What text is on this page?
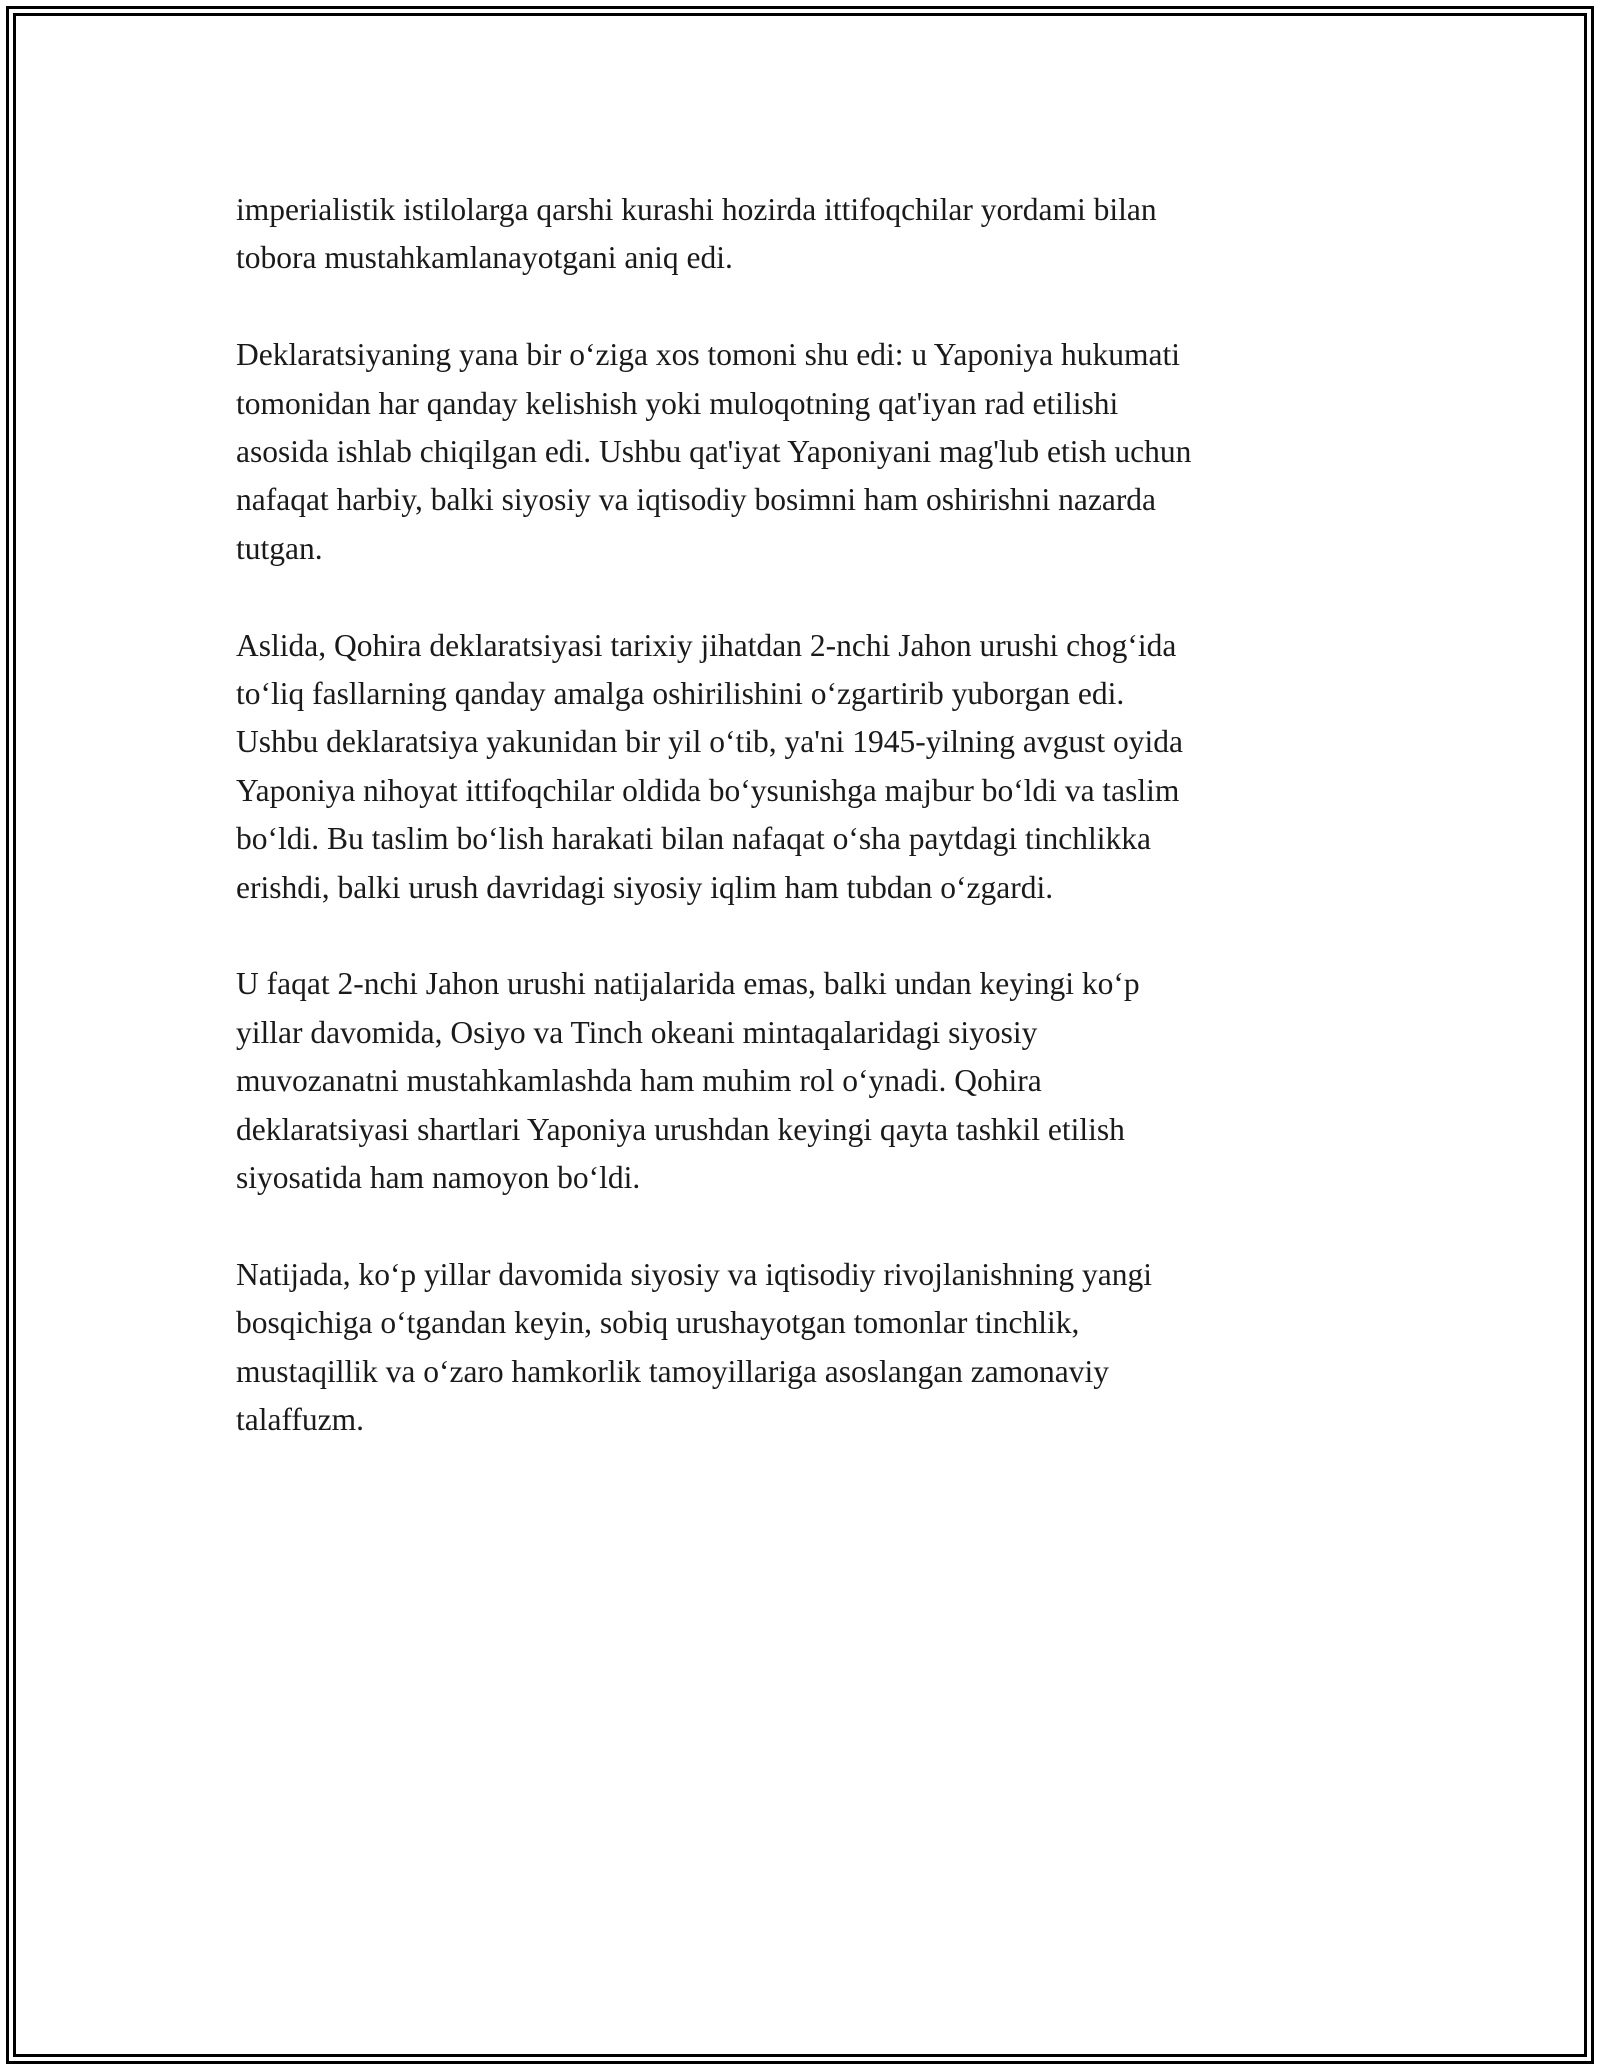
imperialistik istilolarga qarshi kurashi hozirda ittifoqchilar yordami bilan
tobora mustahkamlanayotgani aniq edi.

Deklaratsiyaning yana bir o‘ziga xos tomoni shu edi: u Yaponiya hukumati
tomonidan har qanday kelishish yoki muloqotning qat'iyan rad etilishi
asosida ishlab chiqilgan edi. Ushbu qat'iyat Yaponiyani mag'lub etish uchun
nafaqat harbiy, balki siyosiy va iqtisodiy bosimni ham oshirishni nazarda
tutgan.

Aslida, Qohira deklaratsiyasi tarixiy jihatdan 2-nchi Jahon urushi chog‘ida
to‘liq fasllarning qanday amalga oshirilishini o‘zgartirib yuborgan edi.
Ushbu deklaratsiya yakunidan bir yil o‘tib, ya'ni 1945-yilning avgust oyida
Yaponiya nihoyat ittifoqchilar oldida bo‘ysunishga majbur bo‘ldi va taslim
bo‘ldi. Bu taslim bo‘lish harakati bilan nafaqat o‘sha paytdagi tinchlikka
erishdi, balki urush davridagi siyosiy iqlim ham tubdan o‘zgardi.

U faqat 2-nchi Jahon urushi natijalarida emas, balki undan keyingi ko‘p
yillar davomida, Osiyo va Tinch okeani mintaqalaridagi siyosiy
muvozanatni mustahkamlashda ham muhim rol o‘ynadi. Qohira
deklaratsiyasi shartlari Yaponiya urushdan keyingi qayta tashkil etilish
siyosatida ham namoyon bo‘ldi.

Natijada, ko‘p yillar davomida siyosiy va iqtisodiy rivojlanishning yangi
bosqichiga o‘tgandan keyin, sobiq urushayotgan tomonlar tinchlik,
mustaqillik va o‘zaro hamkorlik tamoyillariga asoslangan zamonaviy
talaffuzm.
